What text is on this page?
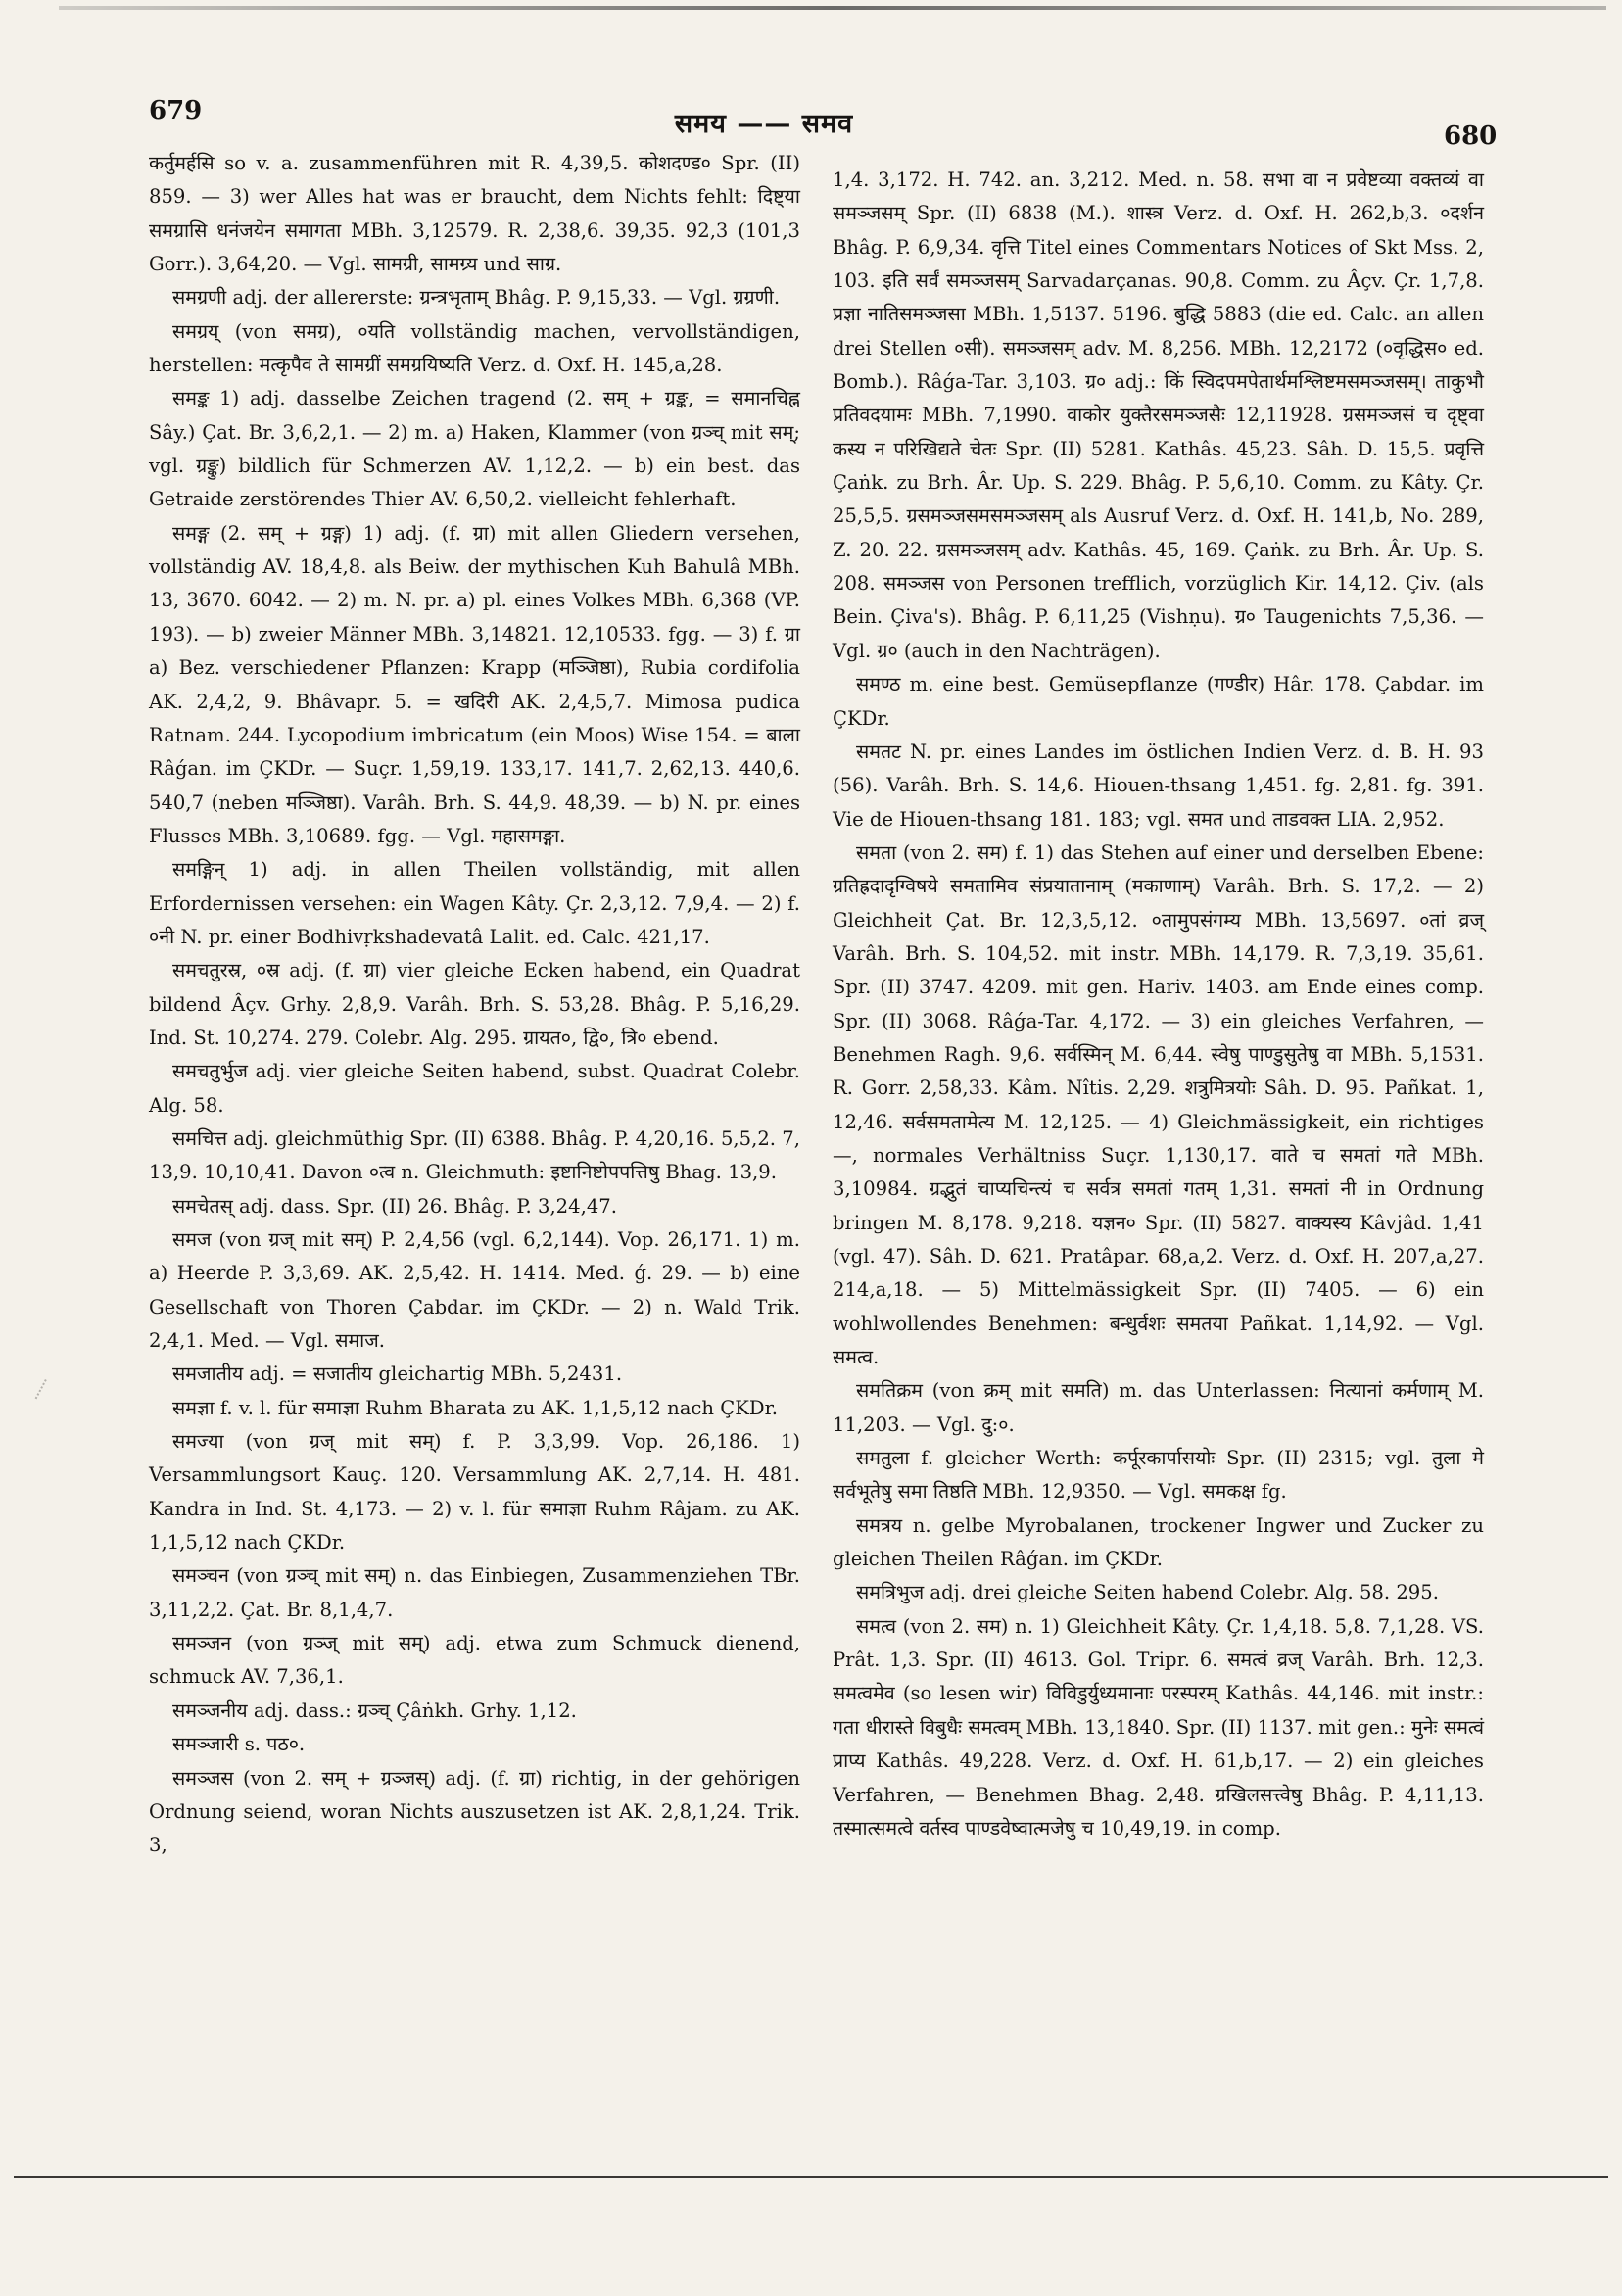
679	समय —— समव	680

कर्तुमर्हसि so v. a. zusammenführen mit R. 4,39,5. कोशदण्ड० Spr. (II) 859. — 3) wer Alles hat was er braucht, dem Nichts fehlt: दिष्ट्या समग्रासि धनंजयेन समागता MBh. 3,12579. R. 2,38,6. 39,35. 92,3 (101,3 Gorr.). 3,64,20. — Vgl. सामग्री, सामग्र्य und साग्र.

समग्रणी adj. der allererste: ग्रन्त्रभृताम् Bhâg. P. 9,15,33. — Vgl. ग्रग्रणी.

समग्रय् (von समग्र), ०यति vollständig machen, vervollständigen, herstellen: मत्कृपैव ते सामग्रीं समग्रयिष्यति Verz. d. Oxf. H. 145,a,28.

समङ्क 1) adj. dasselbe Zeichen tragend (2. सम् + ग्रङ्क, = समानचिह्न Sây.) Çat. Br. 3,6,2,1. — 2) m. a) Haken, Klammer (von ग्रञ्च् mit सम्; vgl. ग्रङ्कु) bildlich für Schmerzen AV. 1,12,2. — b) ein best. das Getraide zerstörendes Thier AV. 6,50,2. vielleicht fehlerhaft.

समङ्ग (2. सम् + ग्रङ्ग) 1) adj. (f. ग्रा) mit allen Gliedern versehen, vollständig AV. 18,4,8. als Beiw. der mythischen Kuh Bahulâ MBh. 13, 3670. 6042. — 2) m. N. pr. a) pl. eines Volkes MBh. 6,368 (VP. 193). — b) zweier Männer MBh. 3,14821. 12,10533. fgg. — 3) f. ग्रा a) Bez. verschiedener Pflanzen: Krapp (मञ्जिष्ठा), Rubia cordifolia AK. 2,4,2, 9. Bhâvapr. 5. = खदिरी AK. 2,4,5,7. Mimosa pudica Ratnam. 244. Lycopodium imbricatum (ein Moos) Wise 154. = बाला Râǵan. im ÇKDr. — Suçr. 1,59,19. 133,17. 141,7. 2,62,13. 440,6. 540,7 (neben मञ्जिष्ठा). Varâh. Brh. S. 44,9. 48,39. — b) N. pr. eines Flusses MBh. 3,10689. fgg. — Vgl. महासमङ्गा.

समङ्गिन् 1) adj. in allen Theilen vollständig, mit allen Erfordernissen versehen: ein Wagen Kâty. Çr. 2,3,12. 7,9,4. — 2) f. ०नी N. pr. einer Bodhivṛkshadevatâ Lalit. ed. Calc. 421,17.

समचतुरस्र, ०स्र adj. (f. ग्रा) vier gleiche Ecken habend, ein Quadrat bildend Âçv. Grhy. 2,8,9. Varâh. Brh. S. 53,28. Bhâg. P. 5,16,29. Ind. St. 10,274. 279. Colebr. Alg. 295. ग्रायत०, द्वि०, त्रि० ebend.

समचतुर्भुज adj. vier gleiche Seiten habend, subst. Quadrat Colebr. Alg. 58.

समचित्त adj. gleichmüthig Spr. (II) 6388. Bhâg. P. 4,20,16. 5,5,2. 7, 13,9. 10,10,41. Davon ०त्व n. Gleichmuth: इष्टानिष्टोपपत्तिषु Bhag. 13,9.

समचेतस् adj. dass. Spr. (II) 26. Bhâg. P. 3,24,47.

समज (von ग्रज् mit सम्) P. 2,4,56 (vgl. 6,2,144). Vop. 26,171. 1) m. a) Heerde P. 3,3,69. AK. 2,5,42. H. 1414. Med. ǵ. 29. — b) eine Gesellschaft von Thoren Çabdar. im ÇKDr. — 2) n. Wald Trik. 2,4,1. Med. — Vgl. समाज.

समजातीय adj. = सजातीय gleichartig MBh. 5,2431.

समज्ञा f. v. l. für समाज्ञा Ruhm Bharata zu AK. 1,1,5,12 nach ÇKDr.

समज्या (von ग्रज् mit सम्) f. P. 3,3,99. Vop. 26,186. 1) Versammlungsort Kauç. 120. Versammlung AK. 2,7,14. H. 481. Kandra in Ind. St. 4,173. — 2) v. l. für समाज्ञा Ruhm Râjam. zu AK. 1,1,5,12 nach ÇKDr.

समञ्चन (von ग्रञ्च् mit सम्) n. das Einbiegen, Zusammenziehen TBr. 3,11,2,2. Çat. Br. 8,1,4,7.

समञ्जन (von ग्रञ्ज् mit सम्) adj. etwa zum Schmuck dienend, schmuck AV. 7,36,1.

समञ्जनीय adj. dass.: ग्रञ्च् Çâṅkh. Grhy. 1,12.

समञ्जारी s. पठ०.

समञ्जस (von 2. सम् + ग्रञ्जस्) adj. (f. ग्रा) richtig, in der gehörigen Ordnung seiend, woran Nichts auszusetzen ist AK. 2,8,1,24. Trik. 3,

1,4. 3,172. H. 742. an. 3,212. Med. n. 58. सभा वा न प्रवेष्टव्या वक्तव्यं वा समञ्जसम् Spr. (II) 6838 (M.). शास्त्र Verz. d. Oxf. H. 262,b,3. ०दर्शन Bhâg. P. 6,9,34. वृत्ति Titel eines Commentars Notices of Skt Mss. 2, 103. इति सर्वं समञ्जसम् Sarvadarçanas. 90,8. Comm. zu Âçv. Çr. 1,7,8. प्रज्ञा नातिसमञ्जसा MBh. 1,5137. 5196. बुद्धि 5883 (die ed. Calc. an allen drei Stellen ०सी). समञ्जसम् adv. M. 8,256. MBh. 12,2172 (०वृद्धिस० ed. Bomb.). Râǵa-Tar. 3,103. ग्र० adj.: किं स्विदपमपेतार्थमश्लिष्टमसमञ्जसम्। ताकुभौ प्रतिवदयामः MBh. 7,1990. वाकोर युक्तैरसमञ्जसैः 12,11928. ग्रसमञ्जसं च दृष्ट्वा कस्य न परिखिद्यते चेतः Spr. (II) 5281. Kathâs. 45,23. Sâh. D. 15,5. प्रवृत्ति Çaṅk. zu Brh. Âr. Up. S. 229. Bhâg. P. 5,6,10. Comm. zu Kâty. Çr. 25,5,5. ग्रसमञ्जसमसमञ्जसम् als Ausruf Verz. d. Oxf. H. 141,b, No. 289, Z. 20. 22. ग्रसमञ्जसम् adv. Kathâs. 45, 169. Çaṅk. zu Brh. Âr. Up. S. 208. समञ्जस von Personen trefflich, vorzüglich Kir. 14,12. Çiv. (als Bein. Çiva's). Bhâg. P. 6,11,25 (Vishṇu). ग्र० Taugenichts 7,5,36. — Vgl. ग्र० (auch in den Nachträgen).

समण्ठ m. eine best. Gemüsepflanze (गण्डीर) Hâr. 178. Çabdar. im ÇKDr.

समतट N. pr. eines Landes im östlichen Indien Verz. d. B. H. 93 (56). Varâh. Brh. S. 14,6. Hiouen-thsang 1,451. fg. 2,81. fg. 391. Vie de Hiouen-thsang 181. 183; vgl. समत und ताडवक्त LIA. 2,952.

समता (von 2. सम) f. 1) das Stehen auf einer und derselben Ebene: ग्रतिह्रदादृग्विषये समतामिव संप्रयातानाम् (मकाणाम्) Varâh. Brh. S. 17,2. — 2) Gleichheit Çat. Br. 12,3,5,12. ०तामुपसंगम्य MBh. 13,5697. ०तां व्रज् Varâh. Brh. S. 104,52. mit instr. MBh. 14,179. R. 7,3,19. 35,61. Spr. (II) 3747. 4209. mit gen. Hariv. 1403. am Ende eines comp. Spr. (II) 3068. Râǵa-Tar. 4,172. — 3) ein gleiches Verfahren, — Benehmen Ragh. 9,6. सर्वस्मिन् M. 6,44. स्वेषु पाण्डुसुतेषु वा MBh. 5,1531. R. Gorr. 2,58,33. Kâm. Nîtis. 2,29. शत्रुमित्रयोः Sâh. D. 95. Pañkat. 1, 12,46. सर्वसमतामेत्य M. 12,125. — 4) Gleichmässigkeit, ein richtiges —, normales Verhältniss Suçr. 1,130,17. वाते च समतां गते MBh. 3,10984. ग्रद्भुतं चाप्यचिन्त्यं च सर्वत्र समतां गतम् 1,31. समतां नी in Ordnung bringen M. 8,178. 9,218. यज्ञन० Spr. (II) 5827. वाक्यस्य Kâvjâd. 1,41 (vgl. 47). Sâh. D. 621. Pratâpar. 68,a,2. Verz. d. Oxf. H. 207,a,27. 214,a,18. — 5) Mittelmässigkeit Spr. (II) 7405. — 6) ein wohlwollendes Benehmen: बन्धुर्वशः समतया Pañkat. 1,14,92. — Vgl. समत्व.

समतिक्रम (von क्रम् mit समति) m. das Unterlassen: नित्यानां कर्मणाम् M. 11,203. — Vgl. दु:०.

समतुला f. gleicher Werth: कर्पूरकार्पासयोः Spr. (II) 2315; vgl. तुला मे सर्वभूतेषु समा तिष्ठति MBh. 12,9350. — Vgl. समकक्ष fg.

समत्रय n. gelbe Myrobalanen, trockener Ingwer und Zucker zu gleichen Theilen Râǵan. im ÇKDr.

समत्रिभुज adj. drei gleiche Seiten habend Colebr. Alg. 58. 295.

समत्व (von 2. सम) n. 1) Gleichheit Kâty. Çr. 1,4,18. 5,8. 7,1,28. VS. Prât. 1,3. Spr. (II) 4613. Gol. Tripr. 6. समत्वं व्रज् Varâh. Brh. 12,3. समत्वमेव (so lesen wir) विविडुर्युध्यमानाः परस्परम् Kathâs. 44,146. mit instr.: गता धीरास्ते विबुधैः समत्वम् MBh. 13,1840. Spr. (II) 1137. mit gen.: मुनेः समत्वं प्राप्य Kathâs. 49,228. Verz. d. Oxf. H. 61,b,17. — 2) ein gleiches Verfahren, — Benehmen Bhag. 2,48. ग्रखिलसत्त्वेषु Bhâg. P. 4,11,13. तस्मात्समत्वे वर्तस्व पाण्डवेष्वात्मजेषु च 10,49,19. in comp.
